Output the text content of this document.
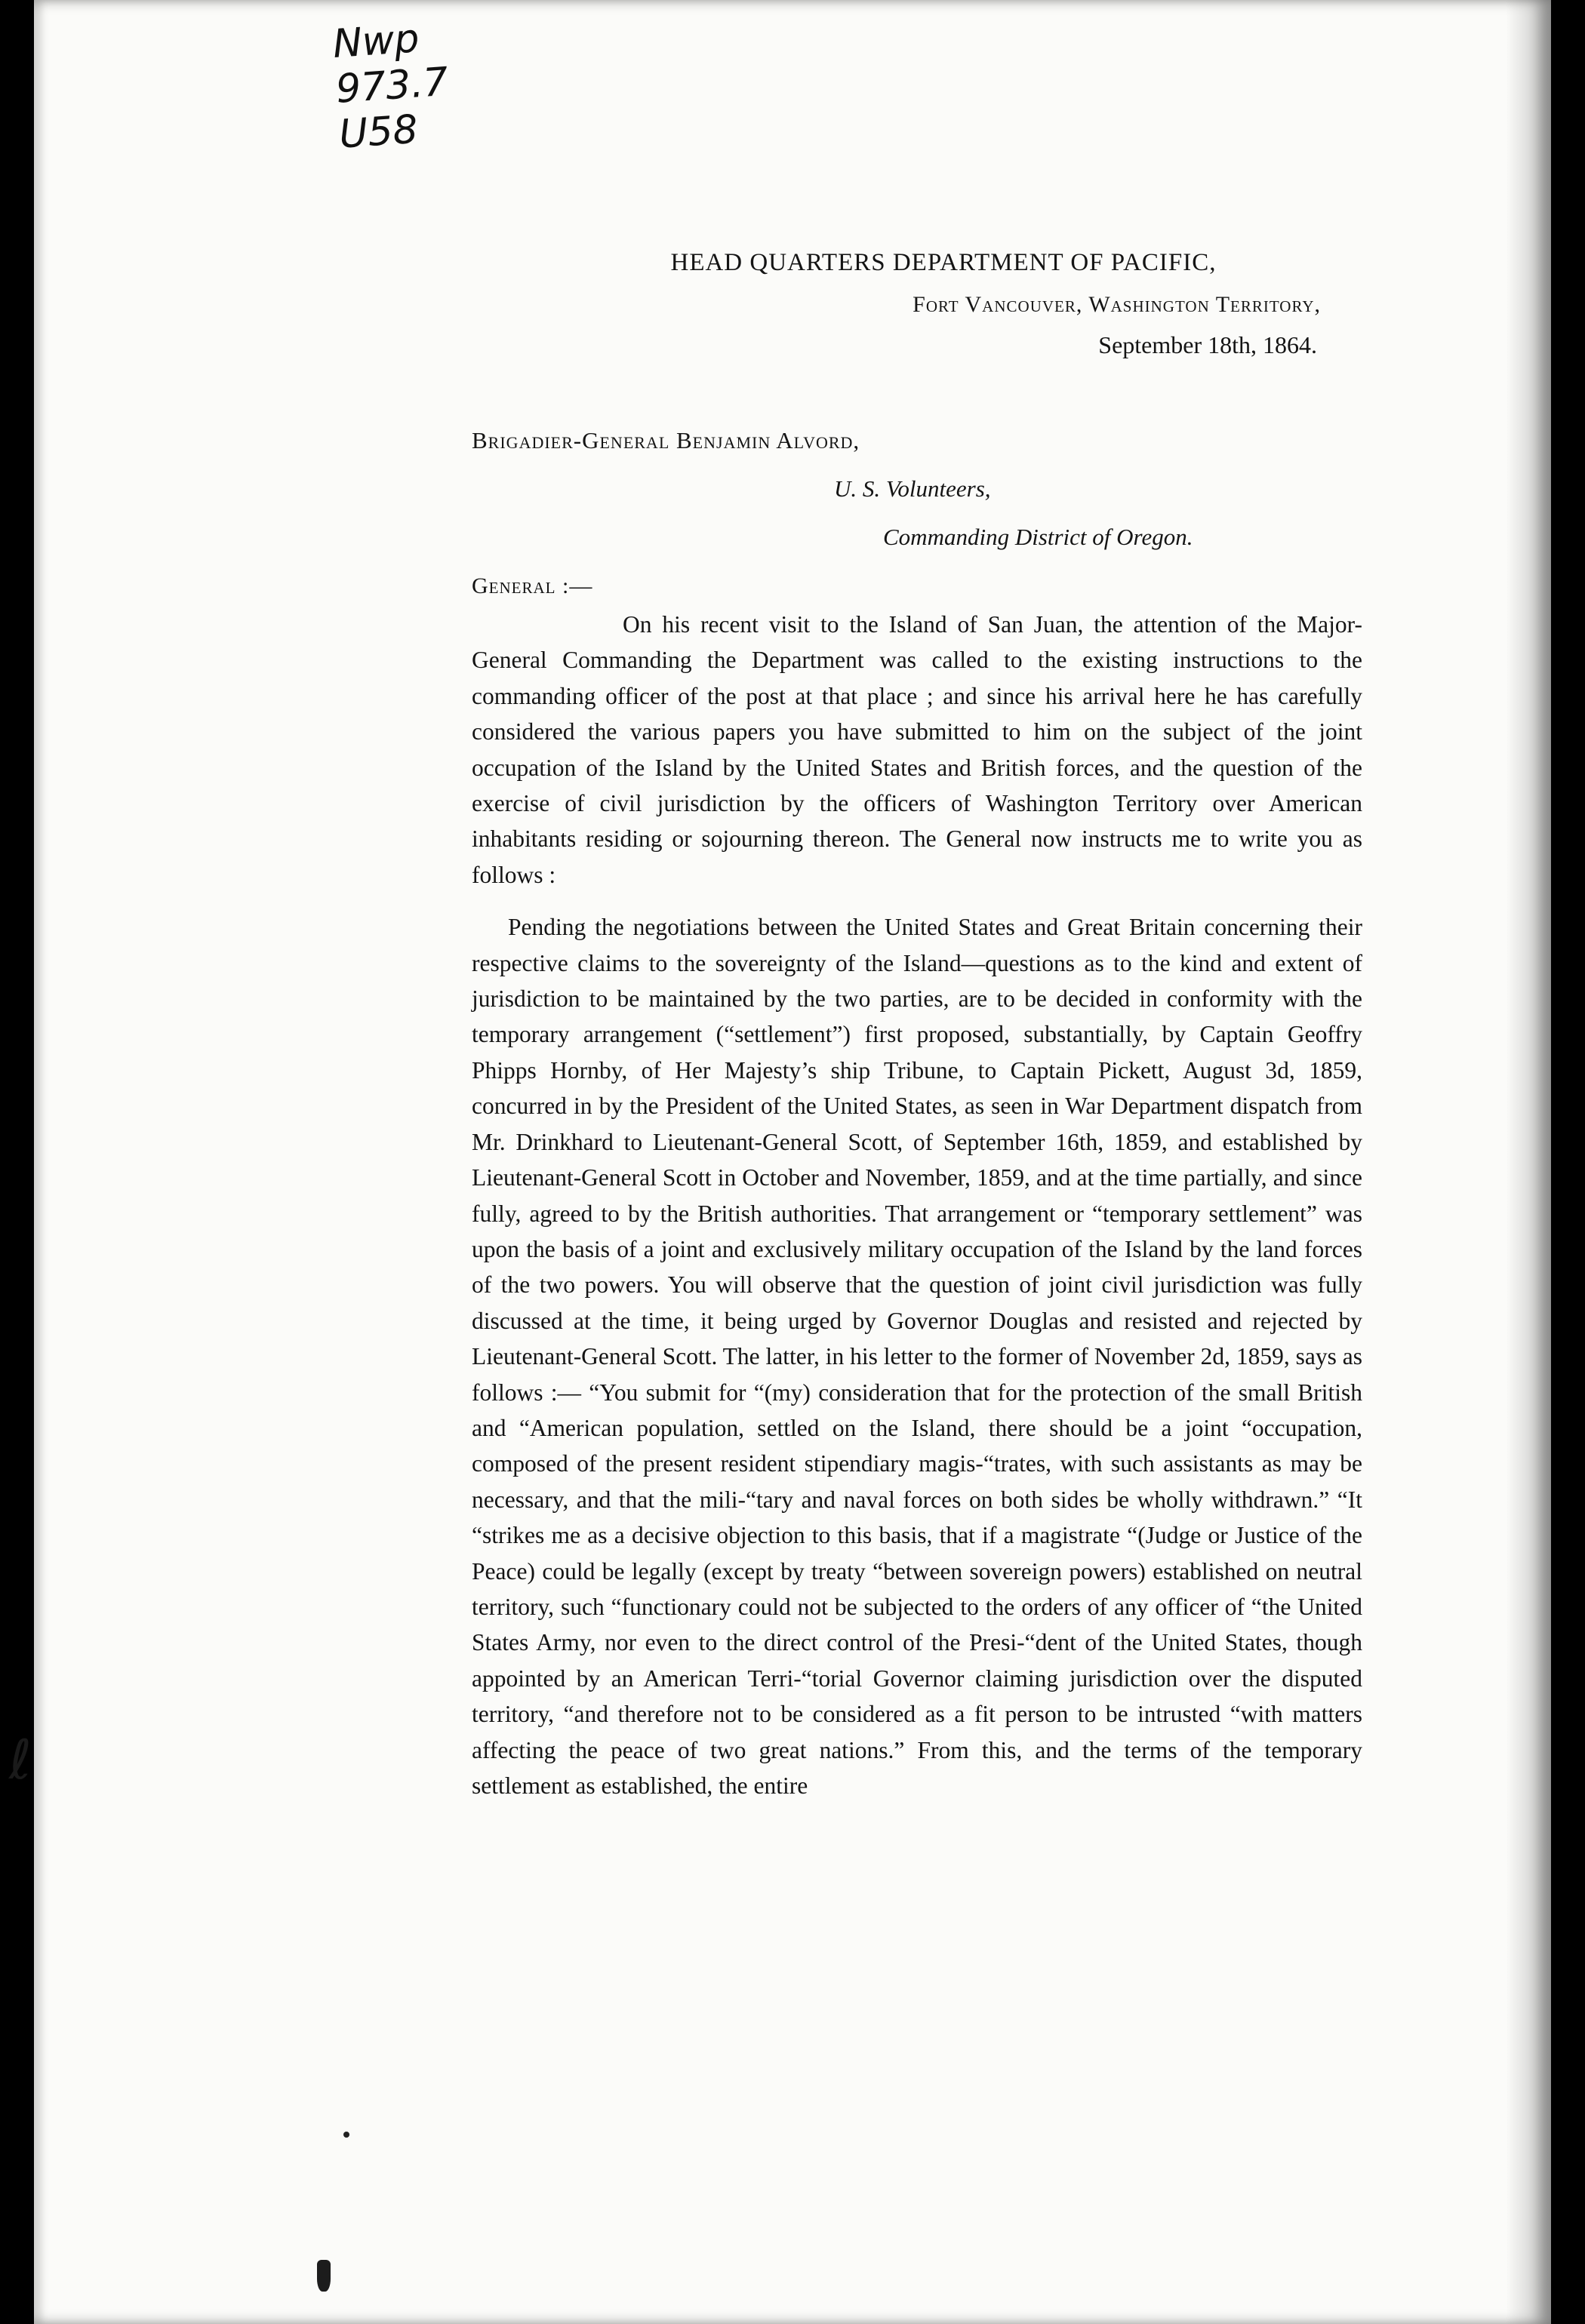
Nwp
973.7
U58
HEAD QUARTERS DEPARTMENT OF PACIFIC,
Fort Vancouver, Washington Territory,
September 18th, 1864.
Brigadier-General Benjamin Alvord,
U. S. Volunteers,
Commanding District of Oregon.
General :—

On his recent visit to the Island of San Juan, the attention of the Major-General Commanding the Department was called to the existing instructions to the commanding officer of the post at that place ; and since his arrival here he has carefully considered the various papers you have submitted to him on the subject of the joint occupation of the Island by the United States and British forces, and the question of the exercise of civil jurisdiction by the officers of Washington Territory over American inhabitants residing or sojourning thereon. The General now instructs me to write you as follows :

Pending the negotiations between the United States and Great Britain concerning their respective claims to the sovereignty of the Island—questions as to the kind and extent of jurisdiction to be maintained by the two parties, are to be decided in conformity with the temporary arrangement (“settlement”) first proposed, substantially, by Captain Geoffry Phipps Hornby, of Her Majesty’s ship Tribune, to Captain Pickett, August 3d, 1859, concurred in by the President of the United States, as seen in War Department dispatch from Mr. Drinkhard to Lieutenant-General Scott, of September 16th, 1859, and established by Lieutenant-General Scott in October and November, 1859, and at the time partially, and since fully, agreed to by the British authorities. That arrangement or “temporary settlement” was upon the basis of a joint and exclusively military occupation of the Island by the land forces of the two powers. You will observe that the question of joint civil jurisdiction was fully discussed at the time, it being urged by Governor Douglas and resisted and rejected by Lieutenant-General Scott. The latter, in his letter to the former of November 2d, 1859, says as follows :— “You submit for “(my) consideration that for the protection of the small British and “American population, settled on the Island, there should be a joint “occupation, composed of the present resident stipendiary magis-“trates, with such assistants as may be necessary, and that the mili-“tary and naval forces on both sides be wholly withdrawn.” “It “strikes me as a decisive objection to this basis, that if a magistrate “(Judge or Justice of the Peace) could be legally (except by treaty “between sovereign powers) established on neutral territory, such “functionary could not be subjected to the orders of any officer of “the United States Army, nor even to the direct control of the Presi-“dent of the United States, though appointed by an American Terri-“torial Governor claiming jurisdiction over the disputed territory, “and therefore not to be considered as a fit person to be intrusted “with matters affecting the peace of two great nations.” From this, and the terms of the temporary settlement as established, the entire

ℓ
